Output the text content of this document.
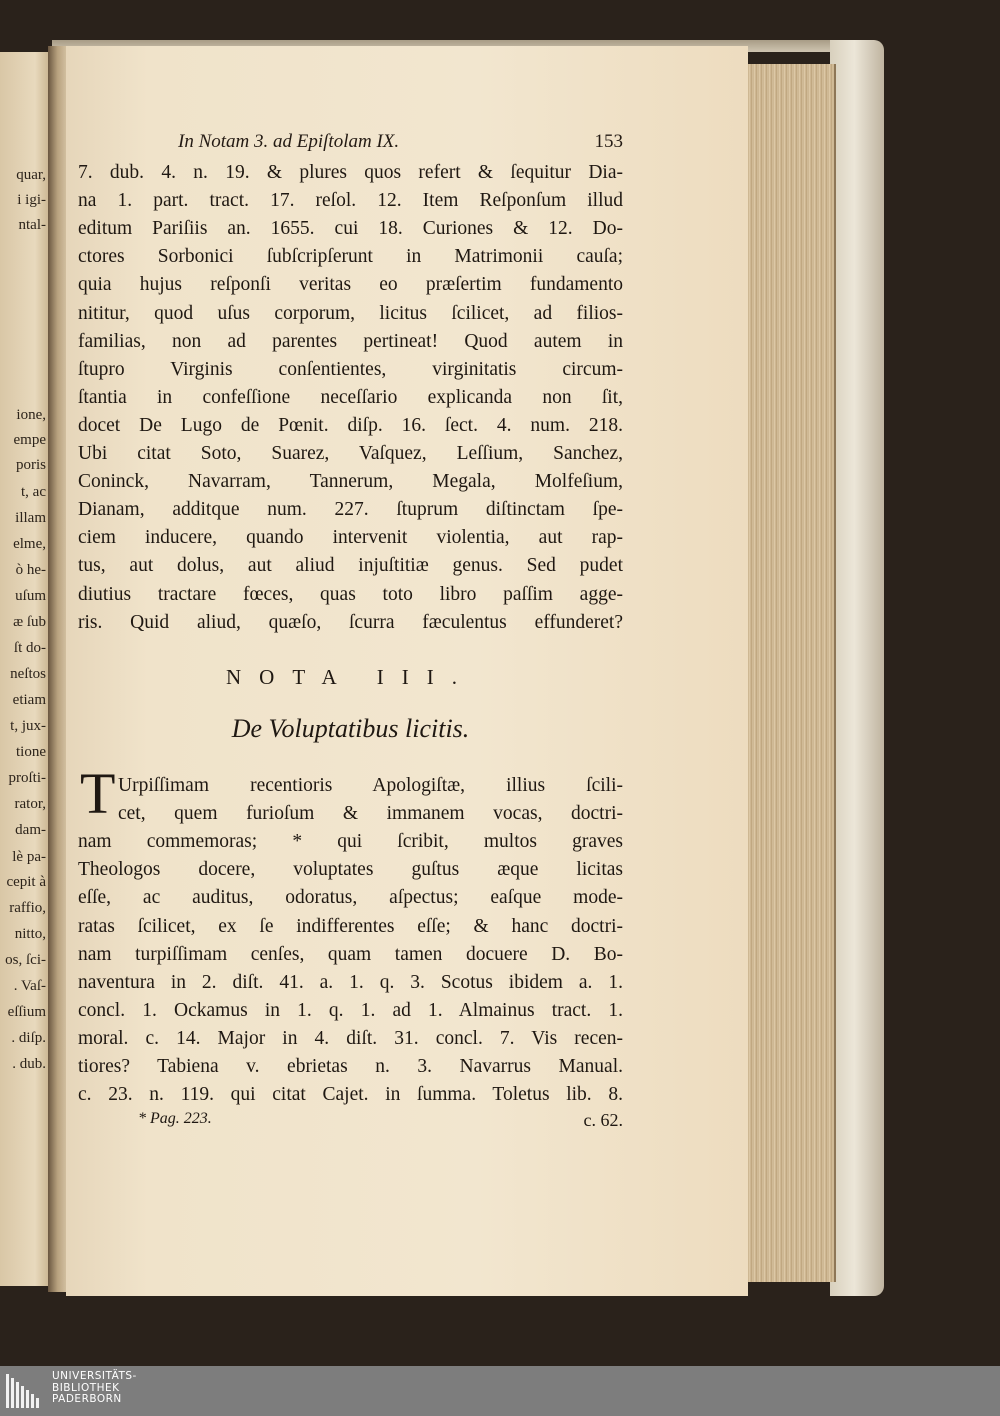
quar,
i igi-
ntal-
ione,
empe
poris
t, ac
illam
elme,
ò he-
uſum
æ ſub
ſt do-
neſtos
etiam
t, jux-
tione
proſti-
rator,
dam-
lè pa-
cepit à
raffio,
nitto,
os, ſci-
. Vaſ-
eſſium
. diſp.
. dub.
In Notam 3. ad Epiſtolam IX.	153
NOTA III.
De Voluptatibus licitis.
T
* Pag. 223.	c. 62.
7. dub. 4. n. 19. & plures quos refert & ſequitur Dia-
na 1. part. tract. 17. reſol. 12. Item Reſponſum illud
editum Pariſiis an. 1655. cui 18. Curiones & 12. Do-
ctores Sorbonici ſubſcripſerunt in Matrimonii cauſa;
quia hujus reſponſi veritas eo præſertim fundamento
nititur, quod uſus corporum, licitus ſcilicet, ad filios-
familias, non ad parentes pertineat! Quod autem in
ſtupro Virginis conſentientes, virginitatis circum-
ſtantia in confeſſione neceſſario explicanda non ſit,
docet De Lugo de Pœnit. diſp. 16. ſect. 4. num. 218.
Ubi citat Soto, Suarez, Vaſquez, Leſſium, Sanchez,
Coninck, Navarram, Tannerum, Megala, Molfeſium,
Dianam, additque num. 227. ſtuprum diſtinctam ſpe-
ciem inducere, quando intervenit violentia, aut rap-
tus, aut dolus, aut aliud injuſtitiæ genus. Sed pudet
diutius tractare fœces, quas toto libro paſſim agge-
ris. Quid aliud, quæſo, ſcurra fæculentus effunderet?
Urpiſſimam recentioris Apologiſtæ, illius ſcili-
cet, quem furioſum & immanem vocas, doctri-
nam commemoras; * qui ſcribit, multos graves
Theologos docere, voluptates guſtus æque licitas
eſſe, ac auditus, odoratus, aſpectus; eaſque mode-
ratas ſcilicet, ex ſe indifferentes eſſe; & hanc doctri-
nam turpiſſimam cenſes, quam tamen docuere D. Bo-
naventura in 2. diſt. 41. a. 1. q. 3. Scotus ibidem a. 1.
concl. 1. Ockamus in 1. q. 1. ad 1. Almainus tract. 1.
moral. c. 14. Major in 4. diſt. 31. concl. 7. Vis recen-
tiores? Tabiena v. ebrietas n. 3. Navarrus Manual.
c. 23. n. 119. qui citat Cajet. in ſumma. Toletus lib. 8.
UNIVERSITÄTS-
BIBLIOTHEK
PADERBORN
